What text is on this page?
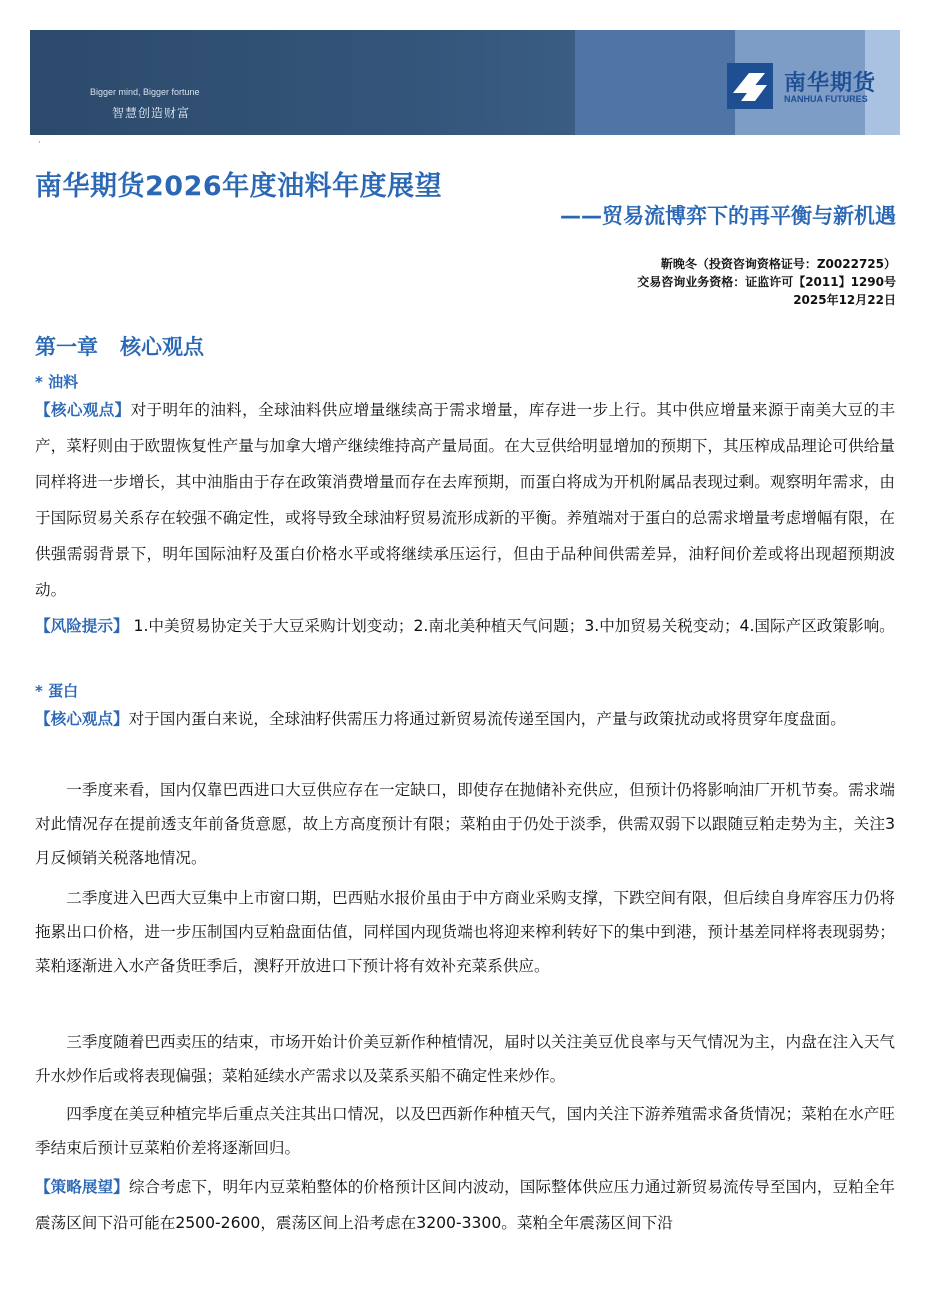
Bigger mind, Bigger fortune
智慧创造财富
南华期货
NANHUA FUTURES
·
南华期货2026年度油料年度展望
——贸易流博弈下的再平衡与新机遇
靳晚冬（投资咨询资格证号：Z0022725）
交易咨询业务资格：证监许可【2011】1290号
2025年12月22日
第一章 核心观点
* 油料
【核心观点】对于明年的油料，全球油料供应增量继续高于需求增量，库存进一步上行。其中供应增量来源于南美大豆的丰产，菜籽则由于欧盟恢复性产量与加拿大增产继续维持高产量局面。在大豆供给明显增加的预期下，其压榨成品理论可供给量同样将进一步增长，其中油脂由于存在政策消费增量而存在去库预期，而蛋白将成为开机附属品表现过剩。观察明年需求，由于国际贸易关系存在较强不确定性，或将导致全球油籽贸易流形成新的平衡。养殖端对于蛋白的总需求增量考虑增幅有限，在供强需弱背景下，明年国际油籽及蛋白价格水平或将继续承压运行，但由于品种间供需差异，油籽间价差或将出现超预期波动。
【风险提示】 1.中美贸易协定关于大豆采购计划变动；2.南北美种植天气问题；3.中加贸易关税变动；4.国际产区政策影响。
* 蛋白
【核心观点】对于国内蛋白来说，全球油籽供需压力将通过新贸易流传递至国内，产量与政策扰动或将贯穿年度盘面。
一季度来看，国内仅靠巴西进口大豆供应存在一定缺口，即使存在抛储补充供应，但预计仍将影响油厂开机节奏。需求端对此情况存在提前透支年前备货意愿，故上方高度预计有限；菜粕由于仍处于淡季，供需双弱下以跟随豆粕走势为主，关注3月反倾销关税落地情况。
二季度进入巴西大豆集中上市窗口期，巴西贴水报价虽由于中方商业采购支撑，下跌空间有限，但后续自身库容压力仍将拖累出口价格，进一步压制国内豆粕盘面估值，同样国内现货端也将迎来榨利转好下的集中到港，预计基差同样将表现弱势；菜粕逐渐进入水产备货旺季后，澳籽开放进口下预计将有效补充菜系供应。
三季度随着巴西卖压的结束，市场开始计价美豆新作种植情况，届时以关注美豆优良率与天气情况为主，内盘在注入天气升水炒作后或将表现偏强；菜粕延续水产需求以及菜系买船不确定性来炒作。
四季度在美豆种植完毕后重点关注其出口情况，以及巴西新作种植天气，国内关注下游养殖需求备货情况；菜粕在水产旺季结束后预计豆菜粕价差将逐渐回归。
【策略展望】综合考虑下，明年内豆菜粕整体的价格预计区间内波动，国际整体供应压力通过新贸易流传导至国内，豆粕全年震荡区间下沿可能在2500-2600，震荡区间上沿考虑在3200-3300。菜粕全年震荡区间下沿
